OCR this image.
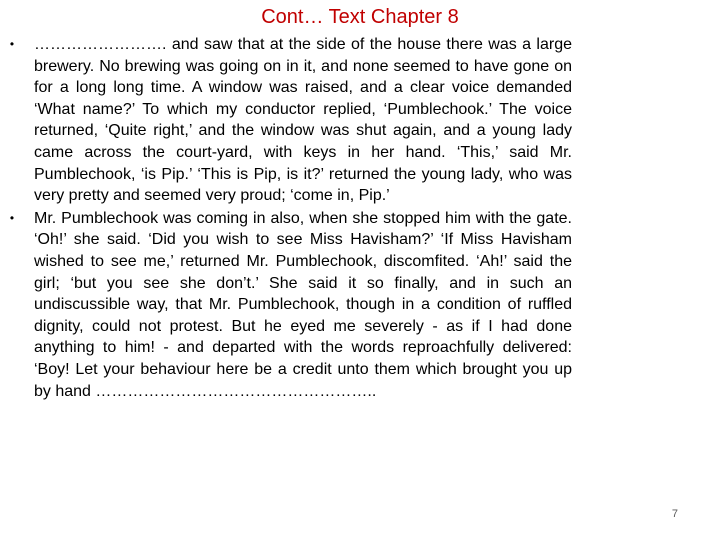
Cont… Text Chapter 8
• ……………………. and saw that at the side of the house there was a large brewery. No brewing was going on in it, and none seemed to have gone on for a long long time. A window was raised, and a clear voice demanded ‘What name?’ To which my conductor replied, ‘Pumblechook.’ The voice returned, ‘Quite right,’ and the window was shut again, and a young lady came across the court-yard, with keys in her hand. ‘This,’ said Mr. Pumblechook, ‘is Pip.’ ‘This is Pip, is it?’ returned the young lady, who was very pretty and seemed very proud; ‘come in, Pip.’
• Mr. Pumblechook was coming in also, when she stopped him with the gate. ‘Oh!’ she said. ‘Did you wish to see Miss Havisham?’ ‘If Miss Havisham wished to see me,’ returned Mr. Pumblechook, discomfited. ‘Ah!’ said the girl; ‘but you see she don’t.’ She said it so finally, and in such an undiscussible way, that Mr. Pumblechook, though in a condition of ruffled dignity, could not protest. But he eyed me severely - as if I had done anything to him! - and departed with the words reproachfully delivered: ‘Boy! Let your behaviour here be a credit unto them which brought you up by hand ……………………………………………..
7
